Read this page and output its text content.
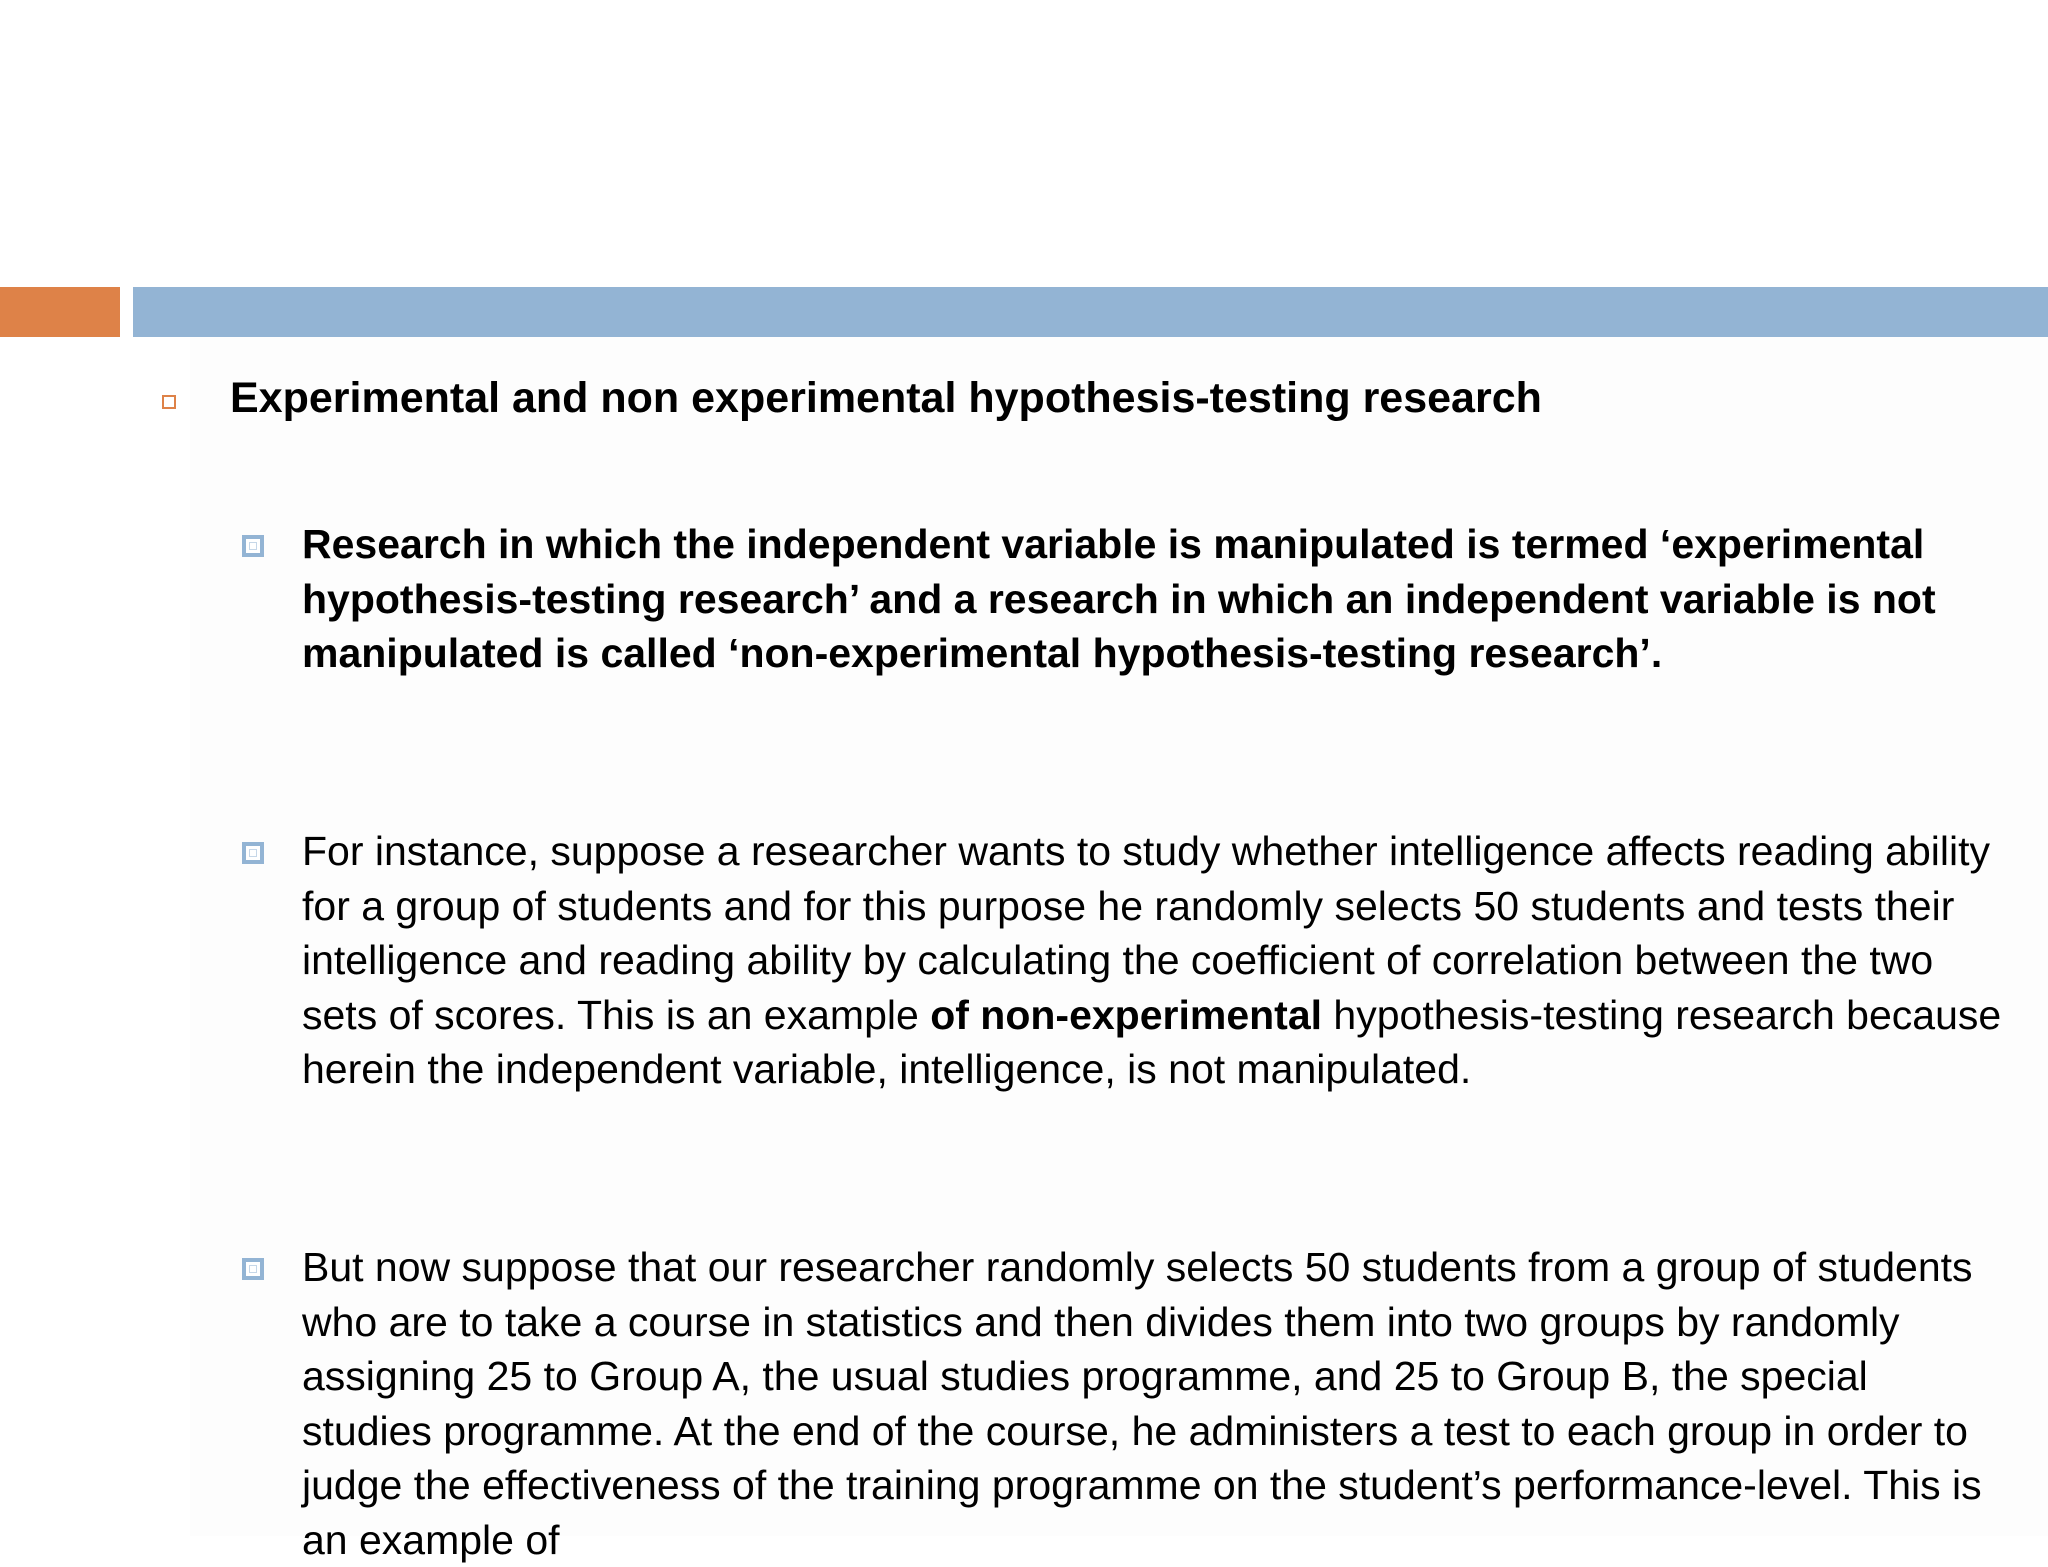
Experimental and non experimental hypothesis-testing research

Research in which the independent variable is manipulated is termed ‘experimental hypothesis-testing research’ and a research in which an independent variable is not manipulated is called ‘non-experimental hypothesis-testing research’.

For instance, suppose a researcher wants to study whether intelligence affects reading ability for a group of students and for this purpose he randomly selects 50 students and tests their intelligence and reading ability by calculating the coefficient of correlation between the two sets of scores. This is an example of non-experimental hypothesis-testing research because herein the independent variable, intelligence, is not manipulated.

But now suppose that our researcher randomly selects 50 students from a group of students who are to take a course in statistics and then divides them into two groups by randomly assigning 25 to Group A, the usual studies programme, and 25 to Group B, the special studies programme. At the end of the course, he administers a test to each group in order to judge the effectiveness of the training programme on the student’s performance-level. This is an example of
